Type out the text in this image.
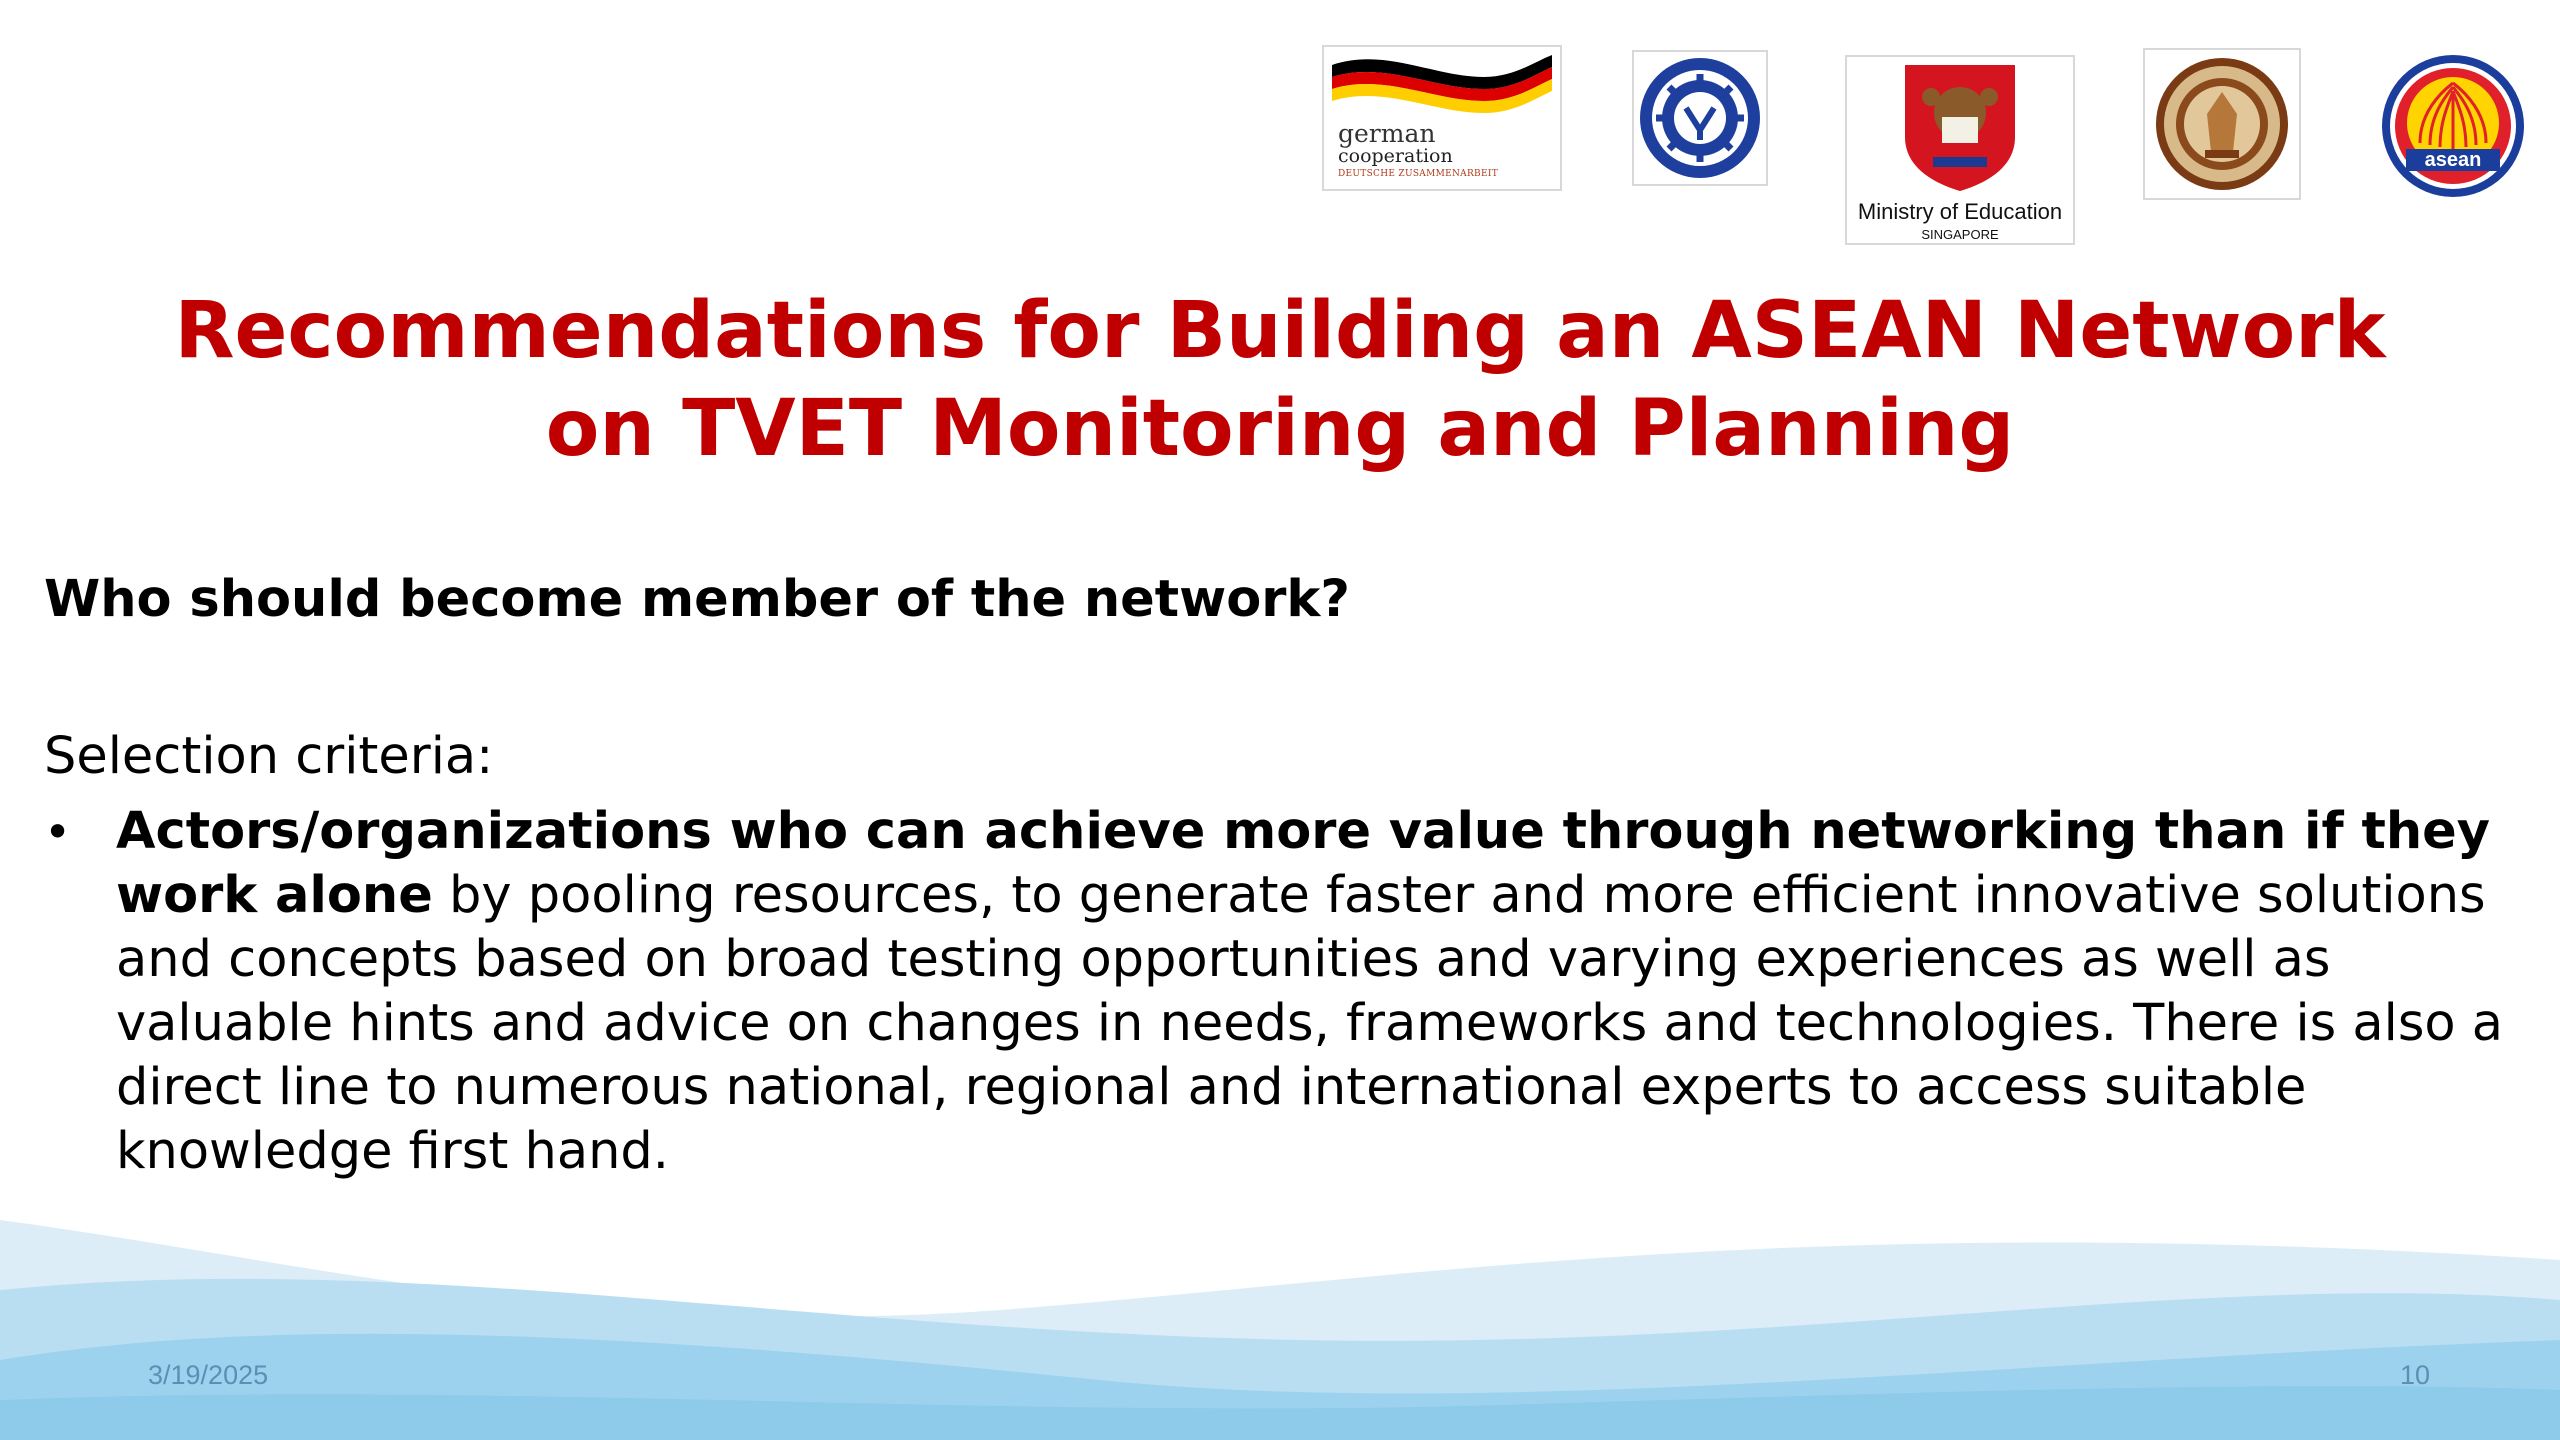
german
cooperation
DEUTSCHE ZUSAMMENARBEIT
Ministry of Education
SINGAPORE
asean
Recommendations for Building an ASEAN Network
on TVET Monitoring and Planning
Who should become member of the network?
Selection criteria:
• Actors/organizations who can achieve more value through networking than if they work alone by pooling resources, to generate faster and more efficient innovative solutions and concepts based on broad testing opportunities and varying experiences as well as valuable hints and advice on changes in needs, frameworks and technologies. There is also a direct line to numerous national, regional and international experts to access suitable knowledge first hand.
3/19/2025	10
